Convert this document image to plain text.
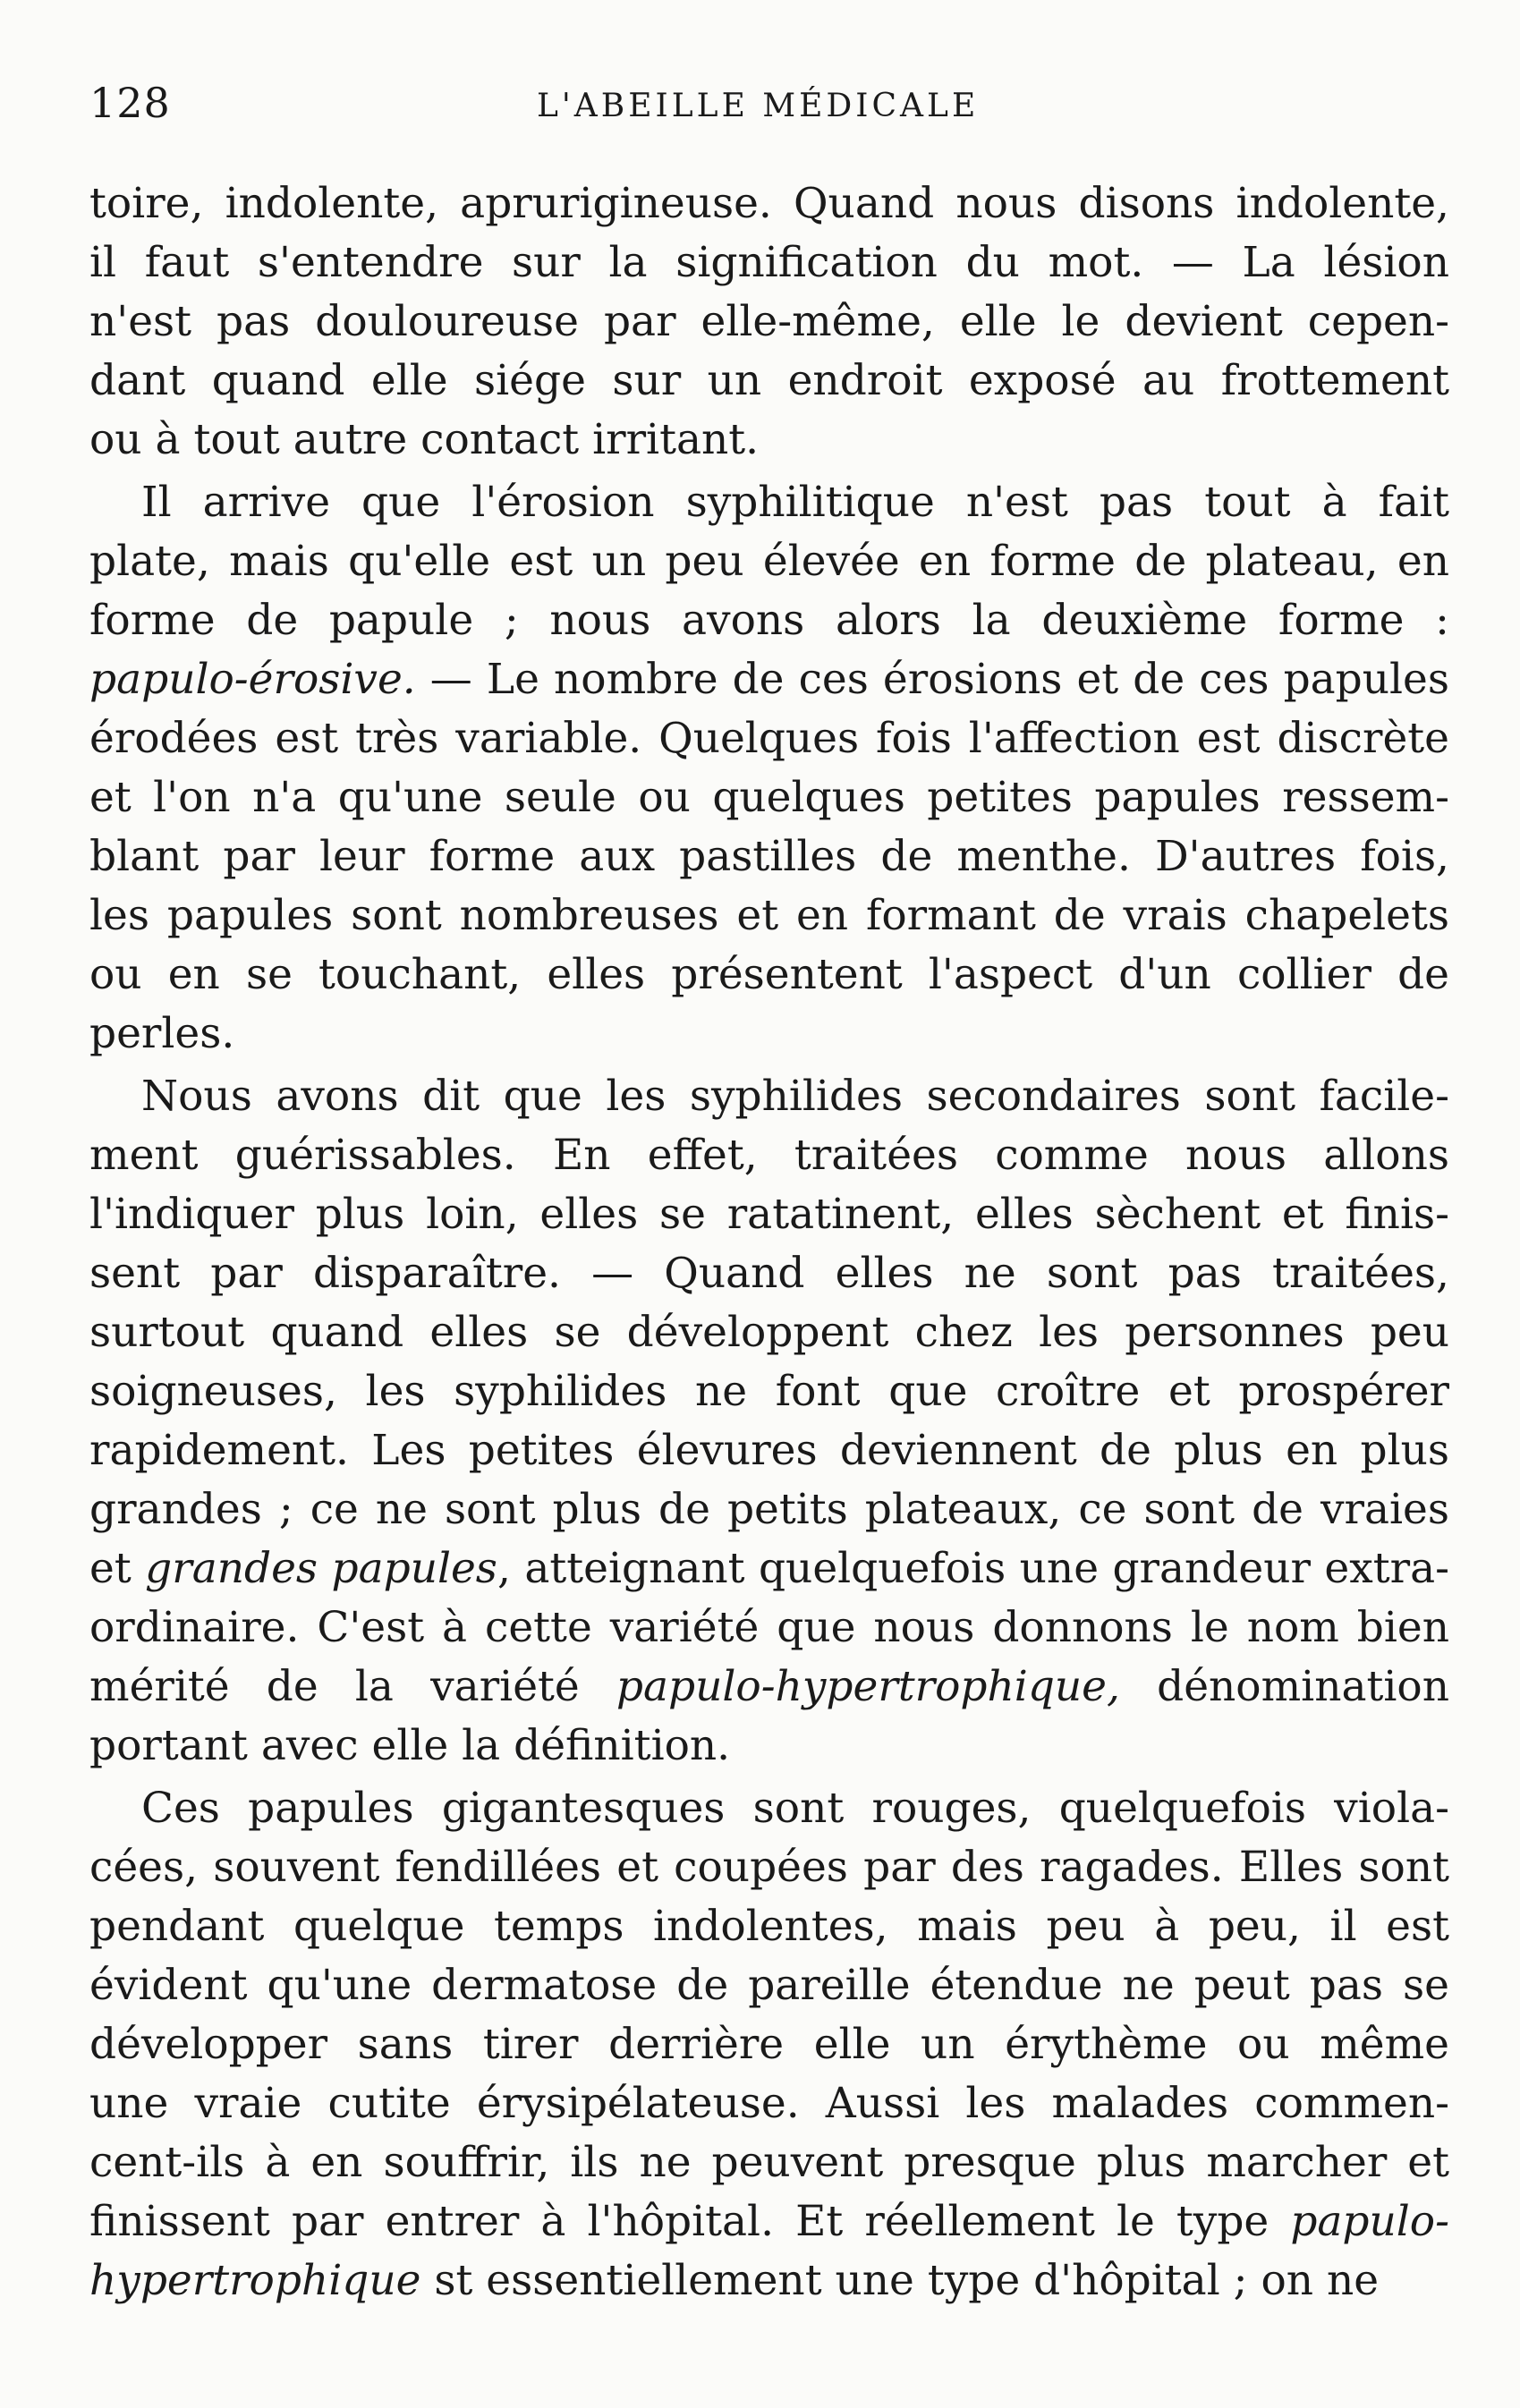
128	L'ABEILLE MÉDICALE
toire, indolente, aprurigineuse. Quand nous disons indolente,
il faut s'entendre sur la signification du mot. — La lésion
n'est pas douloureuse par elle-même, elle le devient cepen-
dant quand elle siége sur un endroit exposé au frottement
ou à tout autre contact irritant.
Il arrive que l'érosion syphilitique n'est pas tout à fait
plate, mais qu'elle est un peu élevée en forme de plateau, en
forme de papule ; nous avons alors la deuxième forme :
papulo-érosive. — Le nombre de ces érosions et de ces papules
érodées est très variable. Quelques fois l'affection est discrète
et l'on n'a qu'une seule ou quelques petites papules ressem-
blant par leur forme aux pastilles de menthe. D'autres fois,
les papules sont nombreuses et en formant de vrais chapelets
ou en se touchant, elles présentent l'aspect d'un collier de
perles.
Nous avons dit que les syphilides secondaires sont facile-
ment guérissables. En effet, traitées comme nous allons
l'indiquer plus loin, elles se ratatinent, elles sèchent et finis-
sent par disparaître. — Quand elles ne sont pas traitées,
surtout quand elles se développent chez les personnes peu
soigneuses, les syphilides ne font que croître et prospérer
rapidement. Les petites élevures deviennent de plus en plus
grandes ; ce ne sont plus de petits plateaux, ce sont de vraies
et grandes papules, atteignant quelquefois une grandeur extra-
ordinaire. C'est à cette variété que nous donnons le nom bien
mérité de la variété papulo-hypertrophique, dénomination
portant avec elle la définition.
Ces papules gigantesques sont rouges, quelquefois viola-
cées, souvent fendillées et coupées par des ragades. Elles sont
pendant quelque temps indolentes, mais peu à peu, il est
évident qu'une dermatose de pareille étendue ne peut pas se
développer sans tirer derrière elle un érythème ou même
une vraie cutite érysipélateuse. Aussi les malades commen-
cent-ils à en souffrir, ils ne peuvent presque plus marcher et
finissent par entrer à l'hôpital. Et réellement le type papulo-
hypertrophique st essentiellement une type d'hôpital ; on ne
